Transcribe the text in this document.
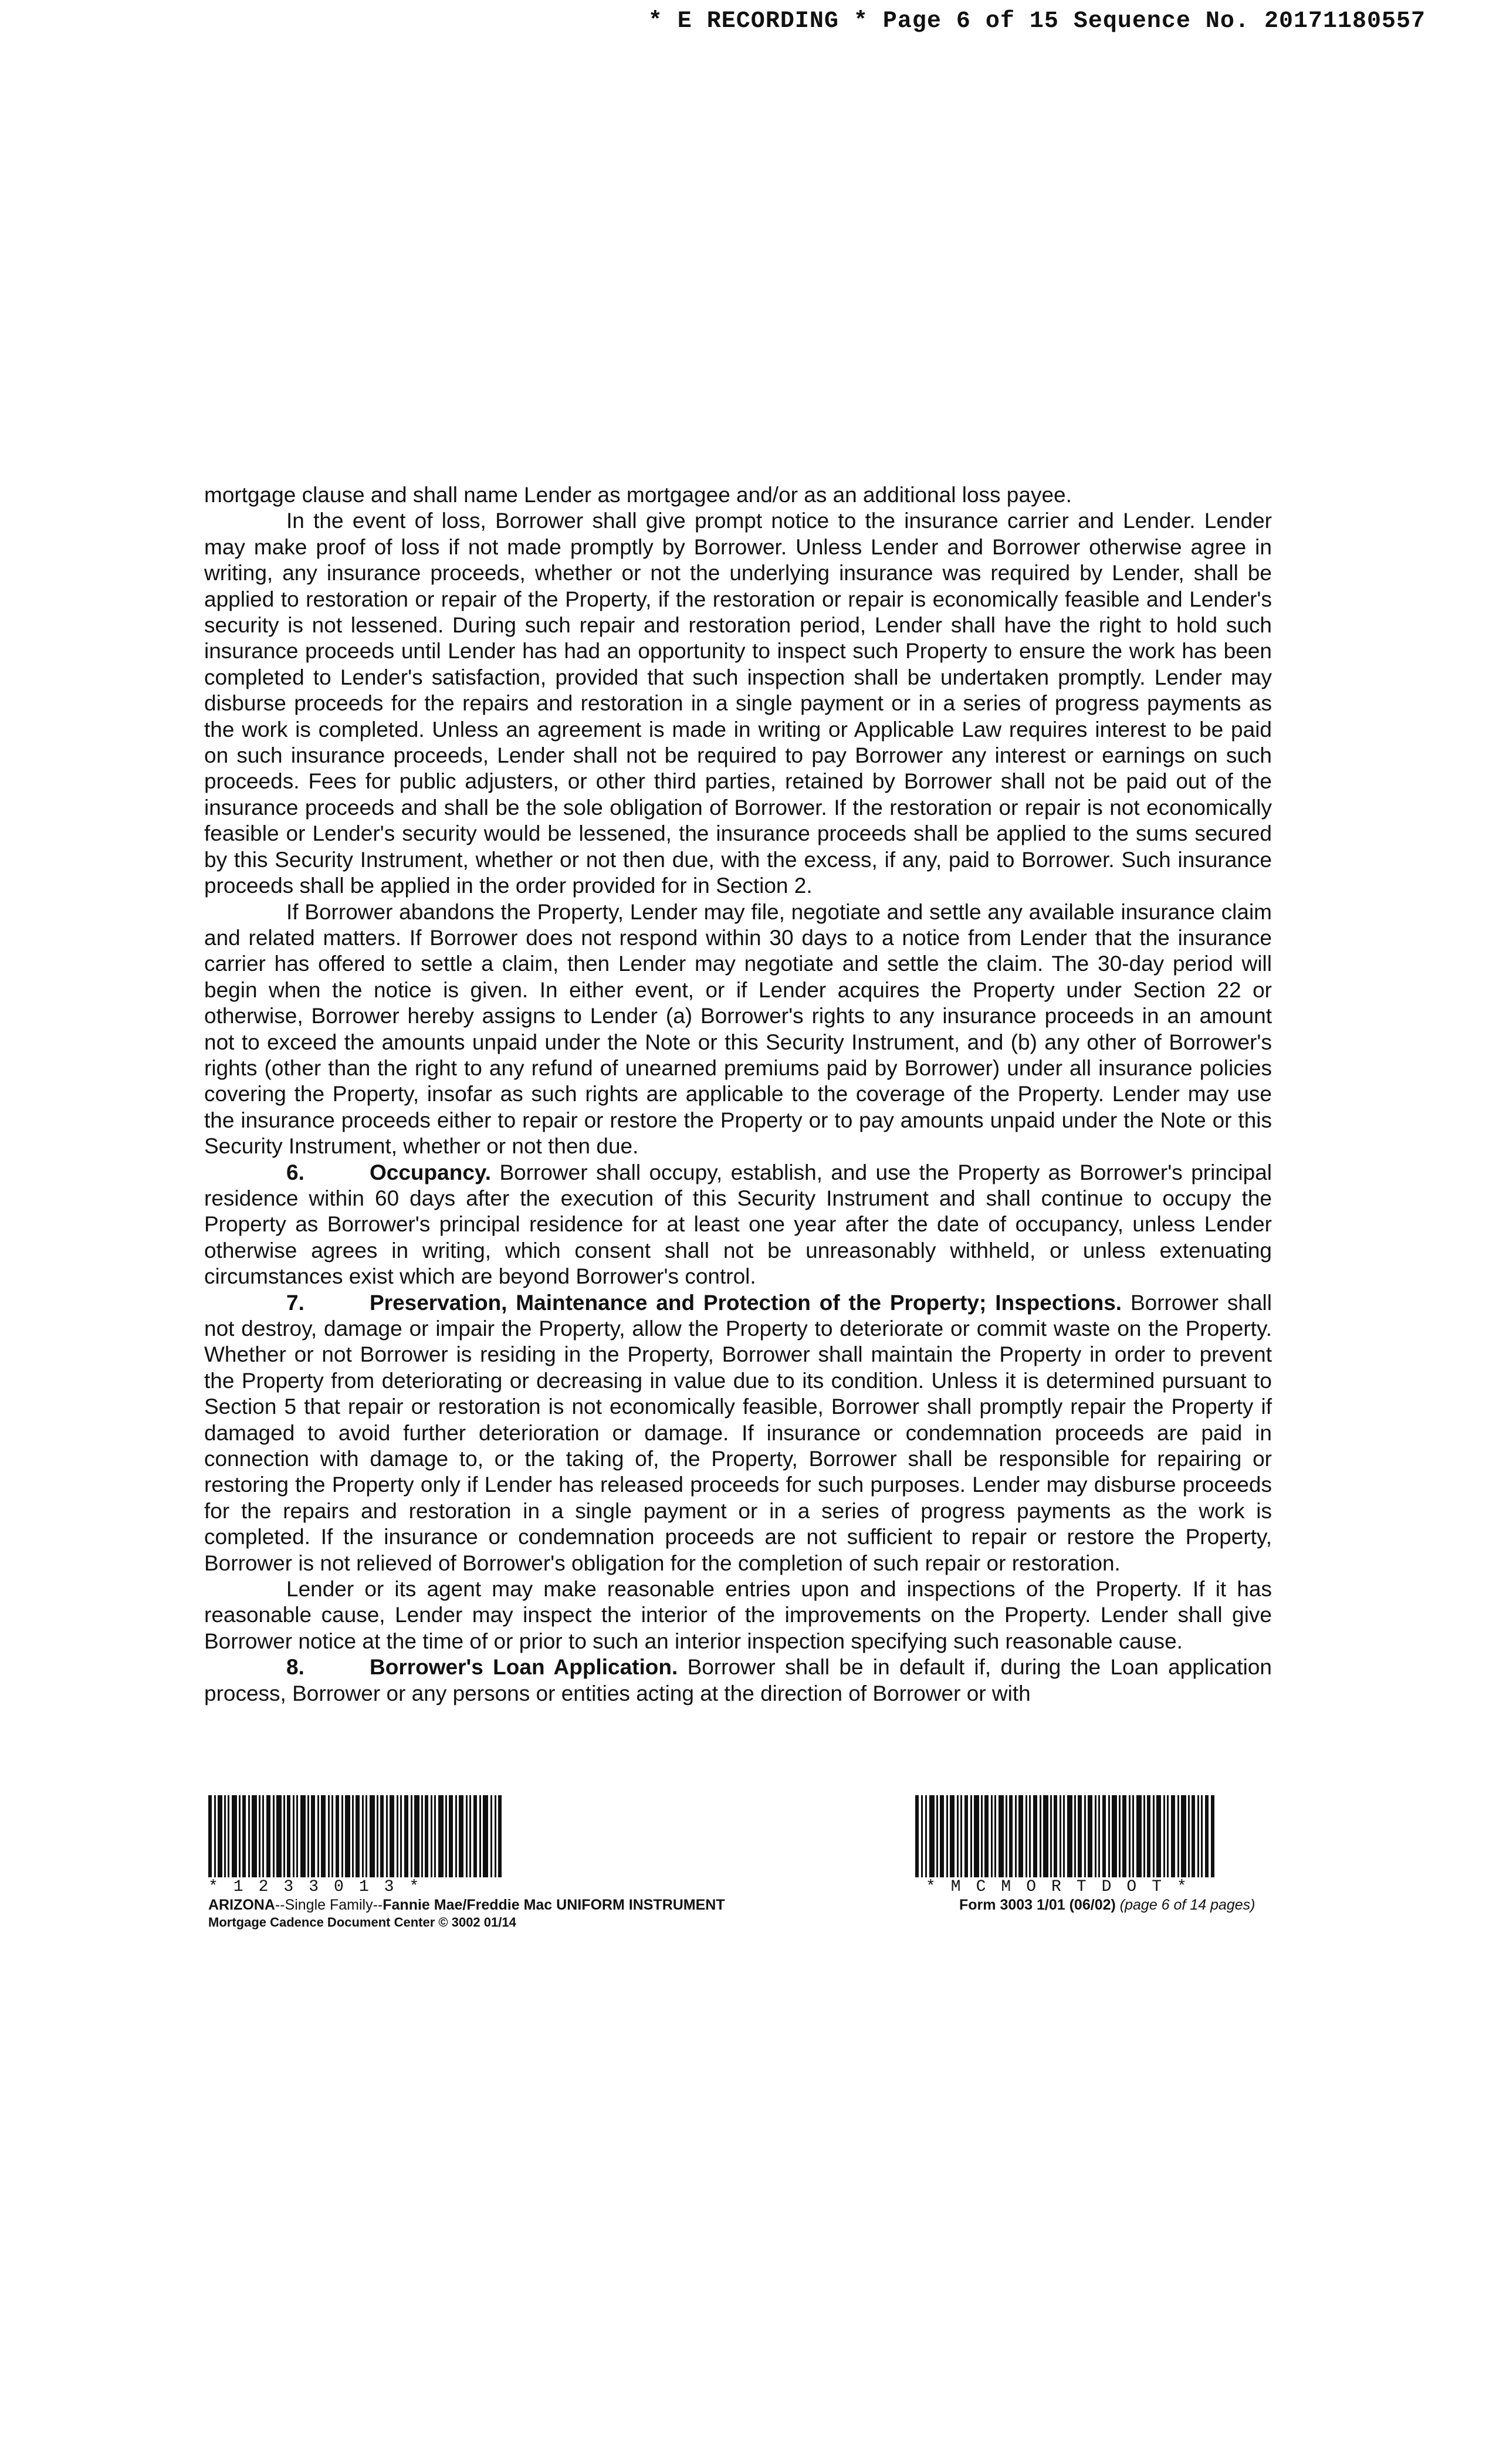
* E RECORDING * Page 6 of 15 Sequence No. 20171180557

mortgage clause and shall name Lender as mortgagee and/or as an additional loss payee.

In the event of loss, Borrower shall give prompt notice to the insurance carrier and Lender. Lender may make proof of loss if not made promptly by Borrower. Unless Lender and Borrower otherwise agree in writing, any insurance proceeds, whether or not the underlying insurance was required by Lender, shall be applied to restoration or repair of the Property, if the restoration or repair is economically feasible and Lender's security is not lessened. During such repair and restoration period, Lender shall have the right to hold such insurance proceeds until Lender has had an opportunity to inspect such Property to ensure the work has been completed to Lender's satisfaction, provided that such inspection shall be undertaken promptly. Lender may disburse proceeds for the repairs and restoration in a single payment or in a series of progress payments as the work is completed. Unless an agreement is made in writing or Applicable Law requires interest to be paid on such insurance proceeds, Lender shall not be required to pay Borrower any interest or earnings on such proceeds. Fees for public adjusters, or other third parties, retained by Borrower shall not be paid out of the insurance proceeds and shall be the sole obligation of Borrower. If the restoration or repair is not economically feasible or Lender's security would be lessened, the insurance proceeds shall be applied to the sums secured by this Security Instrument, whether or not then due, with the excess, if any, paid to Borrower. Such insurance proceeds shall be applied in the order provided for in Section 2.

If Borrower abandons the Property, Lender may file, negotiate and settle any available insurance claim and related matters. If Borrower does not respond within 30 days to a notice from Lender that the insurance carrier has offered to settle a claim, then Lender may negotiate and settle the claim. The 30-day period will begin when the notice is given. In either event, or if Lender acquires the Property under Section 22 or otherwise, Borrower hereby assigns to Lender (a) Borrower's rights to any insurance proceeds in an amount not to exceed the amounts unpaid under the Note or this Security Instrument, and (b) any other of Borrower's rights (other than the right to any refund of unearned premiums paid by Borrower) under all insurance policies covering the Property, insofar as such rights are applicable to the coverage of the Property. Lender may use the insurance proceeds either to repair or restore the Property or to pay amounts unpaid under the Note or this Security Instrument, whether or not then due.

6.	Occupancy. Borrower shall occupy, establish, and use the Property as Borrower's principal residence within 60 days after the execution of this Security Instrument and shall continue to occupy the Property as Borrower's principal residence for at least one year after the date of occupancy, unless Lender otherwise agrees in writing, which consent shall not be unreasonably withheld, or unless extenuating circumstances exist which are beyond Borrower's control.

7.	Preservation, Maintenance and Protection of the Property; Inspections. Borrower shall not destroy, damage or impair the Property, allow the Property to deteriorate or commit waste on the Property. Whether or not Borrower is residing in the Property, Borrower shall maintain the Property in order to prevent the Property from deteriorating or decreasing in value due to its condition. Unless it is determined pursuant to Section 5 that repair or restoration is not economically feasible, Borrower shall promptly repair the Property if damaged to avoid further deterioration or damage. If insurance or condemnation proceeds are paid in connection with damage to, or the taking of, the Property, Borrower shall be responsible for repairing or restoring the Property only if Lender has released proceeds for such purposes. Lender may disburse proceeds for the repairs and restoration in a single payment or in a series of progress payments as the work is completed. If the insurance or condemnation proceeds are not sufficient to repair or restore the Property, Borrower is not relieved of Borrower's obligation for the completion of such repair or restoration.

Lender or its agent may make reasonable entries upon and inspections of the Property. If it has reasonable cause, Lender may inspect the interior of the improvements on the Property. Lender shall give Borrower notice at the time of or prior to such an interior inspection specifying such reasonable cause.

8.	Borrower's Loan Application. Borrower shall be in default if, during the Loan application process, Borrower or any persons or entities acting at the direction of Borrower or with

*1233013*
ARIZONA--Single Family--Fannie Mae/Freddie Mac UNIFORM INSTRUMENT
Mortgage Cadence Document Center © 3002 01/14
*MCMORTDOT*
Form 3003 1/01 (06/02) (page 6 of 14 pages)
